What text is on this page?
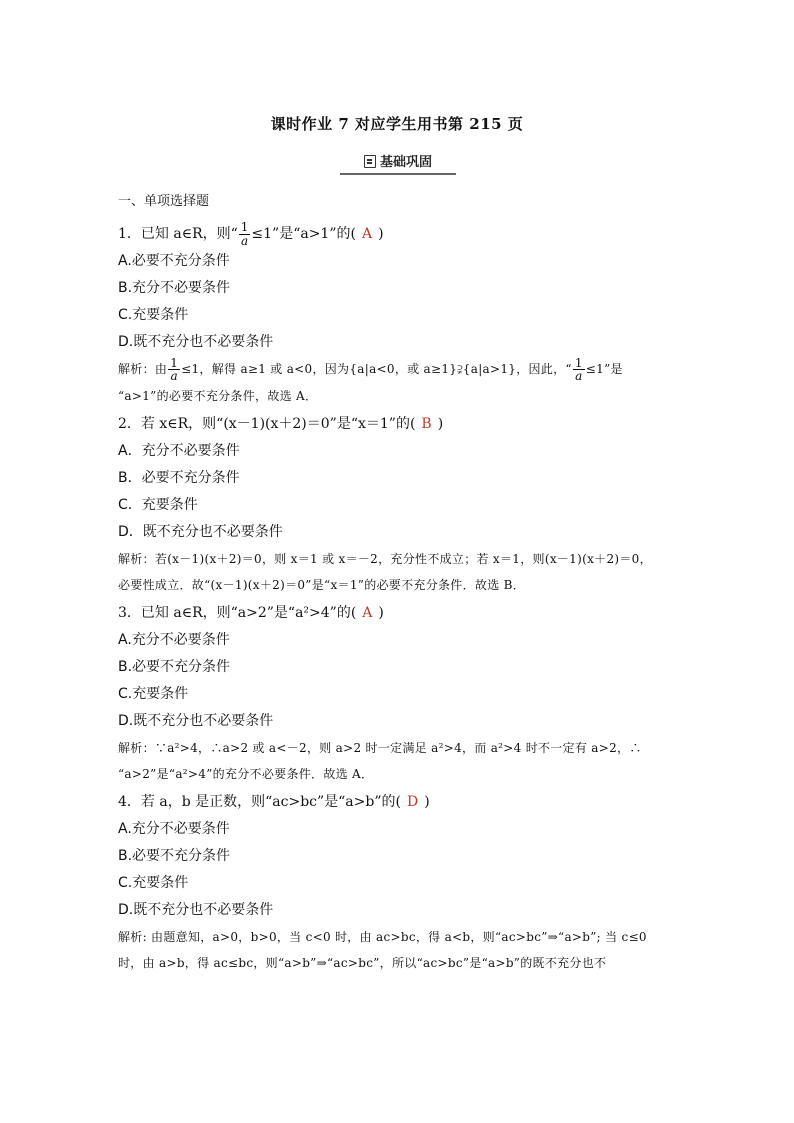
课时作业 7 对应学生用书第 215 页
基础巩固

一、单项选择题

1．已知 a∈R，则“ $\frac{1}{a} \le 1$”是“a>1”的( A )

A.必要不充分条件

B.充分不必要条件

C.充要条件

D.既不充分也不必要条件

解析：由 $\frac{1}{a} \le 1$，解得 a≥1 或 a<0，因为{a|a<0，或 a≥1}⫌{a|a>1}，因此，“ $\frac{1}{a} \le 1$”是
“a>1”的必要不充分条件，故选 A．

2．若 x∈R，则“(x－1)(x＋2)＝0”是“x＝1”的( B )

A．充分不必要条件

B．必要不充分条件

C．充要条件

D．既不充分也不必要条件

解析：若(x－1)(x＋2)＝0，则 x＝1 或 x＝－2，充分性不成立；若 x＝1，则(x－1)(x＋2)＝0，
必要性成立．故“(x－1)(x＋2)＝0”是“x＝1”的必要不充分条件．故选 B．

3．已知 a∈R，则“a>2”是“a²>4”的( A )

A.充分不必要条件

B.必要不充分条件

C.充要条件

D.既不充分也不必要条件

解析：∵a²>4，∴a>2 或 a<－2，则 a>2 时一定满足 a²>4，而 a²>4 时不一定有 a>2，∴
“a>2”是“a²>4”的充分不必要条件．故选 A．

4．若 a，b 是正数，则“ac>bc”是“a>b”的( D )

A.充分不必要条件

B.必要不充分条件

C.充要条件

D.既不充分也不必要条件

解析: 由题意知，a>0，b>0，当 c<0 时，由 ac>bc，得 a<b，则“ac>bc”⇒“a>b”; 当 c≤0
时，由 a>b，得 ac≤bc，则“a>b”⇒“ac>bc”，所以“ac>bc”是“a>b”的既不充分也不
